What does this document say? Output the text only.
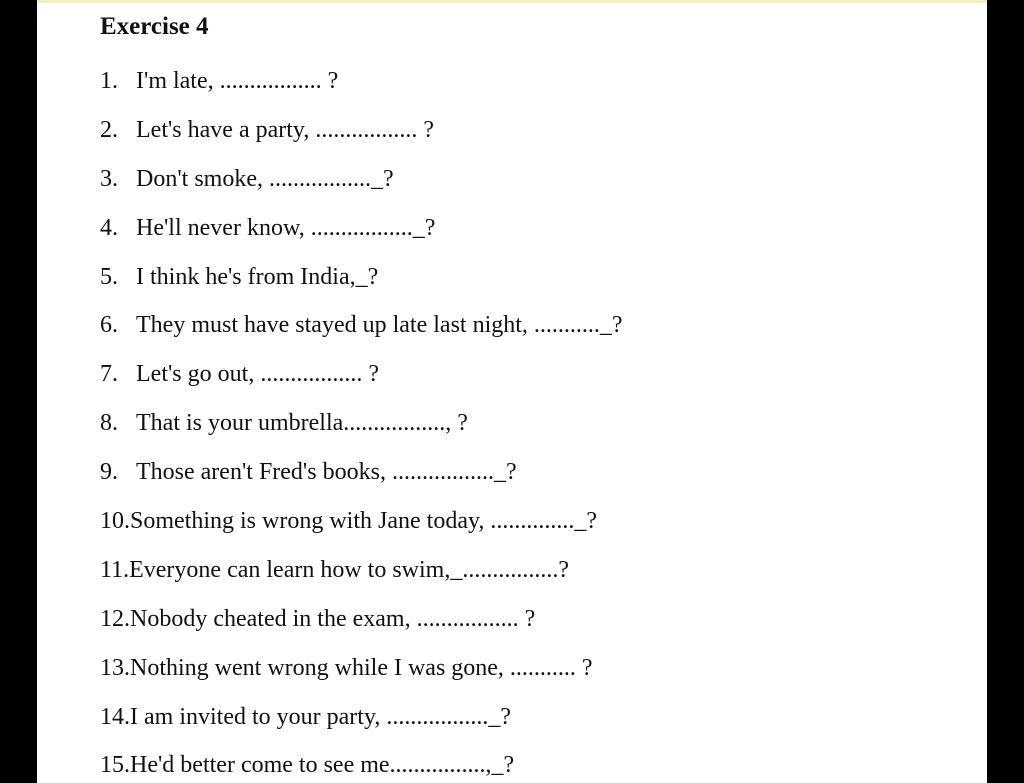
Exercise 4
1. I'm late, ................. ?
2. Let's have a party, ................. ?
3. Don't smoke, ................._?
4. He'll never know, ................._?
5. I think he's from India,_?
6. They must have stayed up late last night, ..........._?
7. Let's go out, ................. ?
8. That is your umbrella................., ?
9. Those aren't Fred's books, ................._?
10.Something is wrong with Jane today, .............._?
11.Everyone can learn how to swim,_................?
12.Nobody cheated in the exam, ................. ?
13.Nothing went wrong while I was gone, ........... ?
14.I am invited to your party, ................._?
15.He'd better come to see me................,_?
